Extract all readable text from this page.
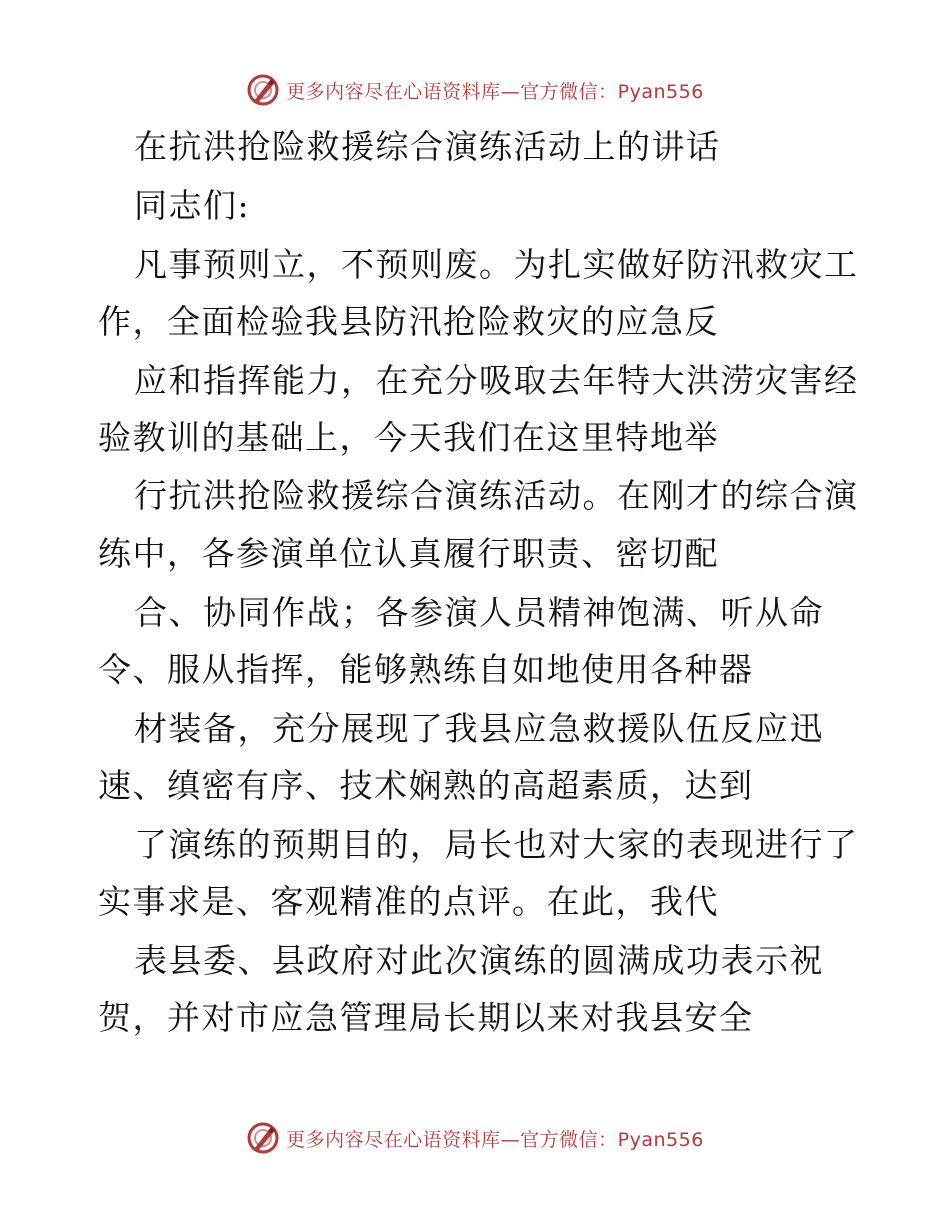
更多内容尽在心语资料库—官方微信：Pyan556
在抗洪抢险救援综合演练活动上的讲话
同志们:
凡事预则立，不预则废。为扎实做好防汛救灾工
作，全面检验我县防汛抢险救灾的应急反
应和指挥能力，在充分吸取去年特大洪涝灾害经
验教训的基础上，今天我们在这里特地举
行抗洪抢险救援综合演练活动。在刚才的综合演
练中，各参演单位认真履行职责、密切配
合、协同作战；各参演人员精神饱满、听从命
令、服从指挥，能够熟练自如地使用各种器
材装备，充分展现了我县应急救援队伍反应迅
速、缜密有序、技术娴熟的高超素质，达到
了演练的预期目的，局长也对大家的表现进行了
实事求是、客观精准的点评。在此，我代
表县委、县政府对此次演练的圆满成功表示祝
贺，并对市应急管理局长期以来对我县安全
更多内容尽在心语资料库—官方微信：Pyan556
